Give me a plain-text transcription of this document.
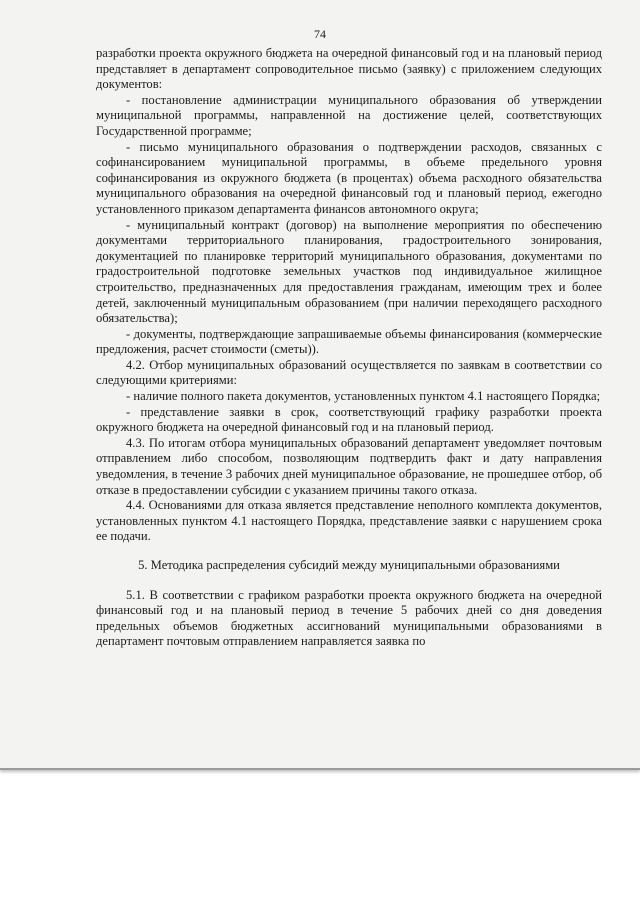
74

разработки проекта окружного бюджета на очередной финансовый год и на плановый период представляет в департамент сопроводительное письмо (заявку) с приложением следующих документов:

- постановление администрации муниципального образования об утверждении муниципальной программы, направленной на достижение целей, соответствующих Государственной программе;

- письмо муниципального образования о подтверждении расходов, связанных с софинансированием муниципальной программы, в объеме предельного уровня софинансирования из окружного бюджета (в процентах) объема расходного обязательства муниципального образования на очередной финансовый год и плановый период, ежегодно установленного приказом департамента финансов автономного округа;

- муниципальный контракт (договор) на выполнение мероприятия по обеспечению документами территориального планирования, градостроительного зонирования, документацией по планировке территорий муниципального образования, документами по градостроительной подготовке земельных участков под индивидуальное жилищное строительство, предназначенных для предоставления гражданам, имеющим трех и более детей, заключенный муниципальным образованием (при наличии переходящего расходного обязательства);

- документы, подтверждающие запрашиваемые объемы финансирования (коммерческие предложения, расчет стоимости (сметы)).

4.2. Отбор муниципальных образований осуществляется по заявкам в соответствии со следующими критериями:

- наличие полного пакета документов, установленных пунктом 4.1 настоящего Порядка;

- представление заявки в срок, соответствующий графику разработки проекта окружного бюджета на очередной финансовый год и на плановый период.

4.3. По итогам отбора муниципальных образований департамент уведомляет почтовым отправлением либо способом, позволяющим подтвердить факт и дату направления уведомления, в течение 3 рабочих дней муниципальное образование, не прошедшее отбор, об отказе в предоставлении субсидии с указанием причины такого отказа.

4.4. Основаниями для отказа является представление неполного комплекта документов, установленных пунктом 4.1 настоящего Порядка, представление заявки с нарушением срока ее подачи.

5. Методика распределения субсидий между муниципальными образованиями

5.1. В соответствии с графиком разработки проекта окружного бюджета на очередной финансовый год и на плановый период в течение 5 рабочих дней со дня доведения предельных объемов бюджетных ассигнований муниципальными образованиями в департамент почтовым отправлением направляется заявка по
